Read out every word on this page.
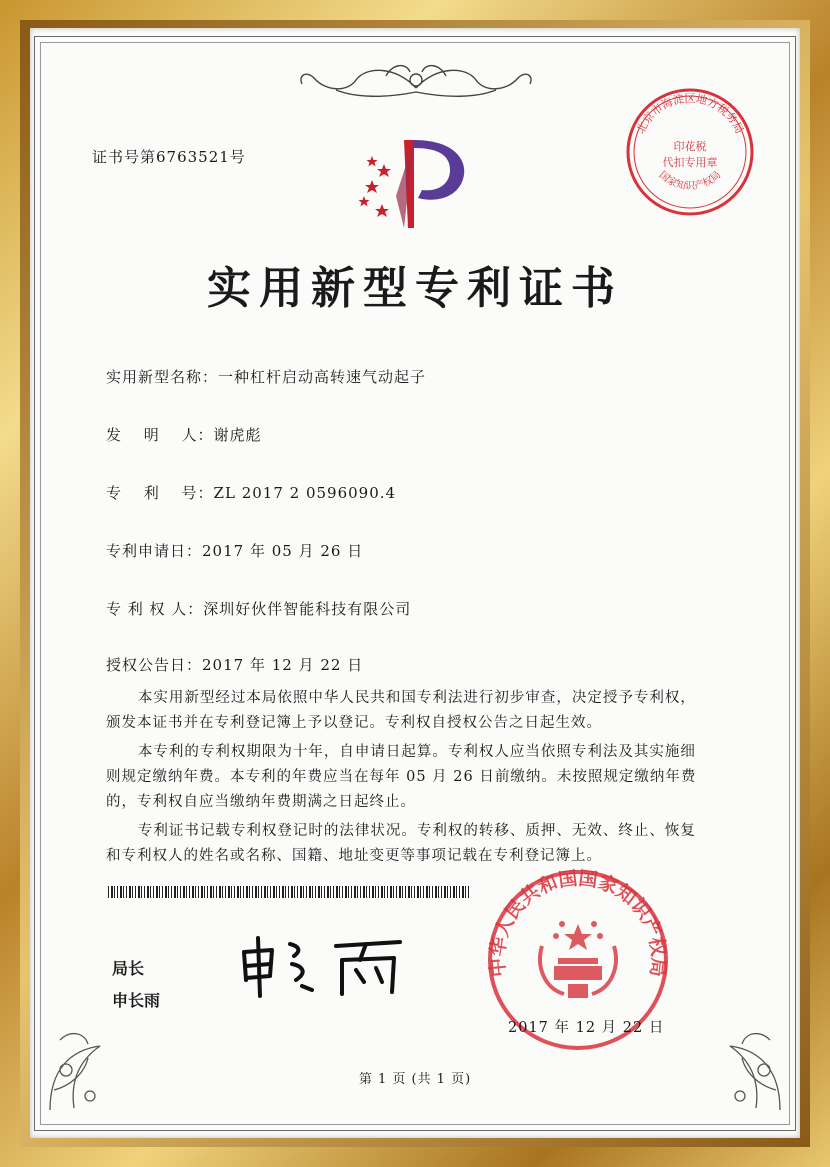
证书号第6763521号
北京市海淀区地方税务局
印花税
代扣专用章
国家知识产权局
实用新型专利证书
实用新型名称：一种杠杆启动高转速气动起子
发　 明　 人：谢虎彪
专　 利　 号：ZL 2017 2 0596090.4
专利申请日：2017 年 05 月 26 日
专 利 权 人：深圳好伙伴智能科技有限公司
授权公告日：2017 年 12 月 22 日

本实用新型经过本局依照中华人民共和国专利法进行初步审查，决定授予专利权，颁发本证书并在专利登记簿上予以登记。专利权自授权公告之日起生效。

本专利的专利权期限为十年，自申请日起算。专利权人应当依照专利法及其实施细则规定缴纳年费。本专利的年费应当在每年 05 月 26 日前缴纳。未按照规定缴纳年费的，专利权自应当缴纳年费期满之日起终止。

专利证书记载专利权登记时的法律状况。专利权的转移、质押、无效、终止、恢复和专利权人的姓名或名称、国籍、地址变更等事项记载在专利登记簿上。

局长
申长雨
中华人民共和国国家知识产权局
2017 年 12 月 22 日
第 1 页 (共 1 页)
